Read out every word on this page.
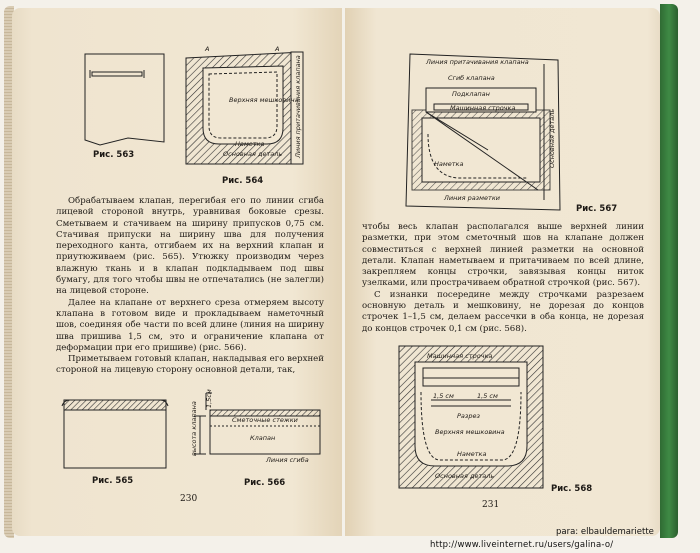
Рис. 563
А	А
Верхняя мешковина
Наметка
Основная деталь Линия притачивания клапана
Рис. 564

Обрабатываем клапан, перегибая его по линии сгиба лицевой стороной внутрь, уравнивая боковые срезы. Сметываем и стачиваем на ширину припусков 0,75 см. Стачивая припуски на ширину шва для получения переходного канта, отгибаем их на верхний клапан и приутюживаем (рис. 565). Утюжку производим через влажную ткань и в клапан подкладываем под швы бумагу, для того чтобы швы не отпечатались (не залегли) на лицевой стороне.

Далее на клапане от верхнего среза отмеряем высоту клапана в готовом виде и прокладываем наметочный шов, соединяя обе части по всей длине (линия на ширину шва пришива 1,5 см, это и ограничение клапана от деформации при его пришиве) (рис. 566).

Приметываем готовый клапан, накладывая его верхней стороной на лицевую сторону основной детали, так,

Рис. 565
1,5см
Сметочные стежки
Клапан
Линия сгиба
высота клапана
Рис. 566
230
Линия притачивания клапана
Сгиб клапана
Подклапан
Машинная строчка
Наметка
Линия разметки
Основная деталь
Рис. 567

чтобы весь клапан располагался выше верхней линии разметки, при этом сметочный шов на клапане должен совместиться с верхней линией разметки на основной детали. Клапан наметываем и притачиваем по всей длине, закрепляем концы строчки, завязывая концы ниток узелками, или прострачиваем обратной строчкой (рис. 567).

С изнанки посередине между строчками разрезаем основную деталь и мешковину, не дорезая до концов строчек 1–1,5 см, делаем рассечки в оба конца, не дорезая до концов строчек 0,1 см (рис. 568).

Машинная строчка
1,5 см	1,5 см
Разрез
Верхняя мешковина
Наметка
Основная деталь
Рис. 568
231
para: elbauldemariette
http://www.liveinternet.ru/users/galina-o/
